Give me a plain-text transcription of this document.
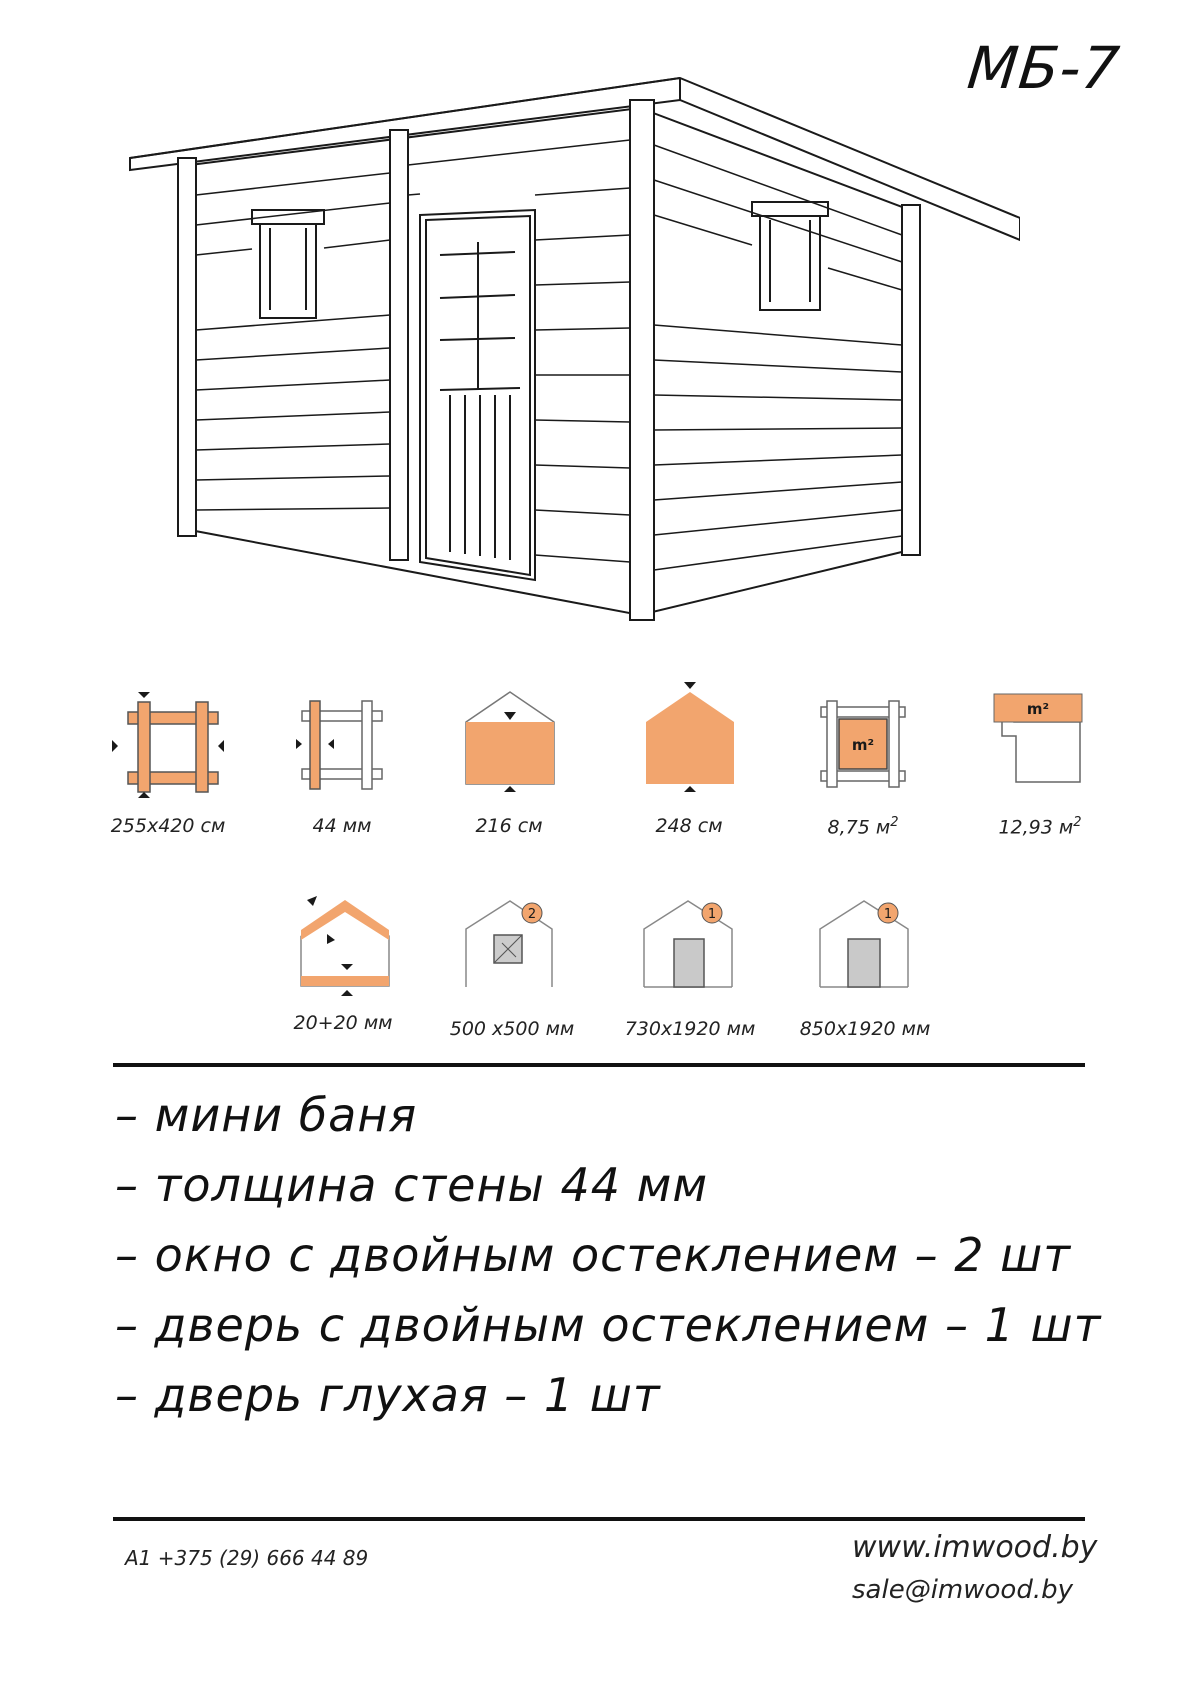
МБ-7
m²
m²
255x420 см	44 мм	216 см	248 см	8,75 $м^2$	12,93 $м^2$
2	1	1
20+20 мм	500 x500 мм	730x1920 мм	850x1920 мм
– мини баня
– толщина стены 44 мм
– окно с двойным остеклением – 2 шт
– дверь с двойным остеклением – 1 шт
– дверь глухая – 1 шт
A1 +375 (29) 666 44 89	www.imwood.by
sale@imwood.by
